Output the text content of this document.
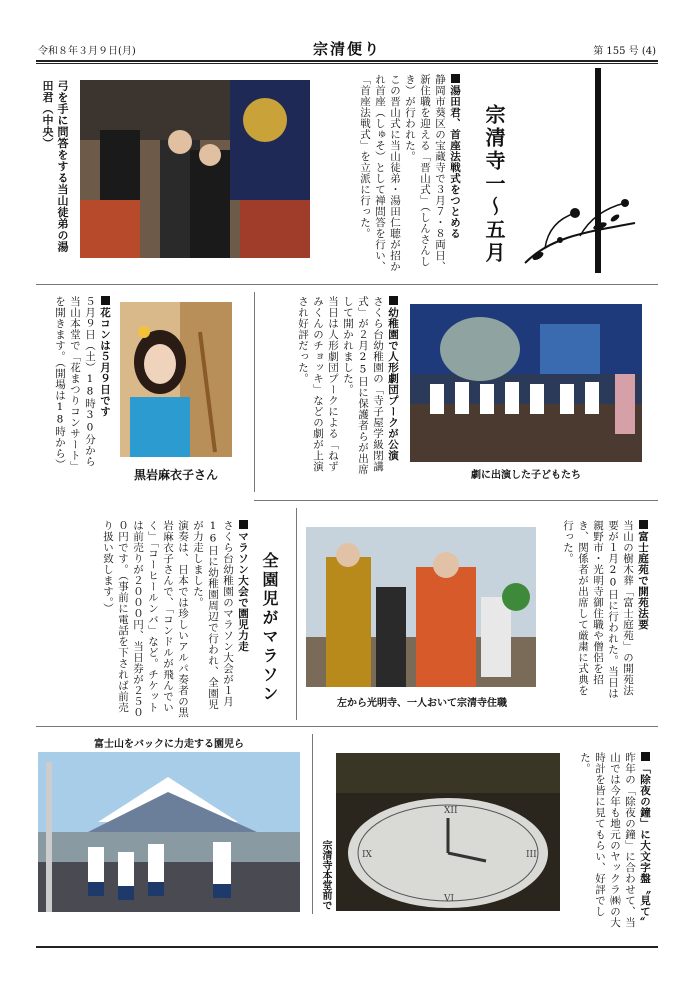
令和８年３月９日(月)	宗清便り	第 155 号 (4)
宗清寺一〜五月
湯田君、首座法戦式をつとめる
静岡市葵区の宝蔵寺で３月７・８両日、新住職を迎える「晋山式」（しんさんしき）が行われた。
この晋山式に当山徒弟・湯田仁聴が招かれ首座（しゅそ）として禅問答を行い、「首座法戦式」を立派に行った。
弓を手に問答をする当山徒弟の湯田君（中央）
花コンは５月９日です
５月９日（土）18時30分から当山本堂で「花まつりコンサート」を開きます。（開場は18時から）
黒岩麻衣子さん
幼稚園で人形劇団プークが公演
さくら台幼稚園の「寺子屋学級閉講式」が２月25日に保護者らが出席して開かれました。
当日は人形劇団プークによる「ねずみくんのチョッキ」などの劇が上演され好評だった。
劇に出演した子どもたち
富士庭苑で開苑法要
当山の樹木葬「富士庭苑」の開苑法要が１月20日に行われた。当日は親野市・光明寺御住職や僧侶を招き、関係者が出席して厳粛に式典を行った。
左から光明寺、一人おいて宗清寺住職
全園児がマラソン
マラソン大会で園児力走
さくら台幼稚園のマラソン大会が１月16日に幼稚園周辺で行われ、全園児が力走しました。
演奏は、日本では珍しいアルパ奏者の黒岩麻衣子さんで、「コンドルが飛んでいく」「コーヒールンバ」など。チケットは前売りが２０００円、当日券が２５００円です。（事前に電話を下されば前売り扱い致します。）
富士山をバックに力走する園児ら
宗清寺本堂前で
XII
III
VI
IX	「除夜の鐘」に大文字盤〝見て〟
昨年の「除夜の鐘」に合わせて、当山では今年も地元のヤックラ㈱の大時計を皆に見てもらい、好評でした。
